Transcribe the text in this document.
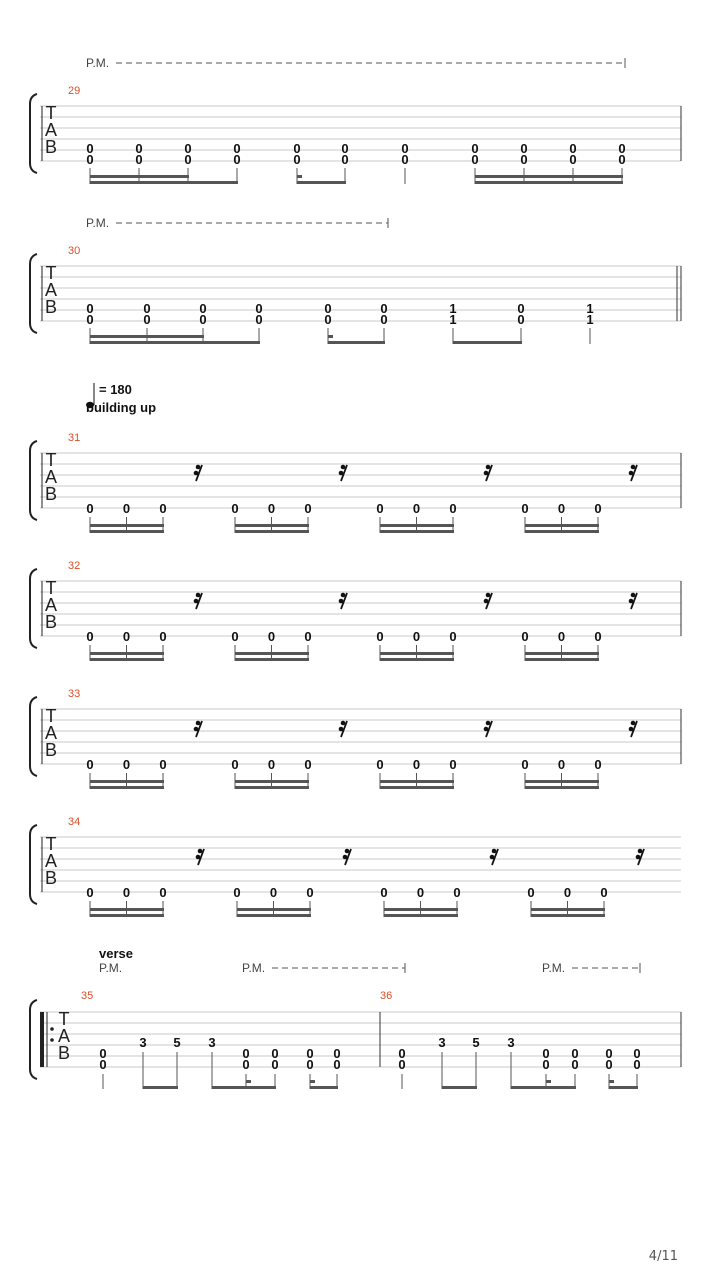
T
A
B
29
P.M.
0
0
0
0
0
0
0
0
0
0
0
0
0
0
0
0
0
0
0
0
0
0
T
A
B
30
P.M.
0
0
0
0
0
0
0
0
0
0
0
0
1
1
0
0
1
1
= 180
building up
T
A
B
31
0 0 0	0 0 0	0 0 0	0 0 0
T
A
B
32
0 0 0	0 0 0	0 0 0	0 0 0
T
A
B
33
0 0 0	0 0 0	0 0 0	0 0 0
T
A
B
34
0 0 0	0 0 0	0 0 0	0 0 0
T
A
B
verse
35	36
P.M.	P.M.	P.M.
0
0
3 5 3
0
0
0
0
0
0
0
0
0
0
3 5 3
0
0
0
0
0
0
0
0
4/11
